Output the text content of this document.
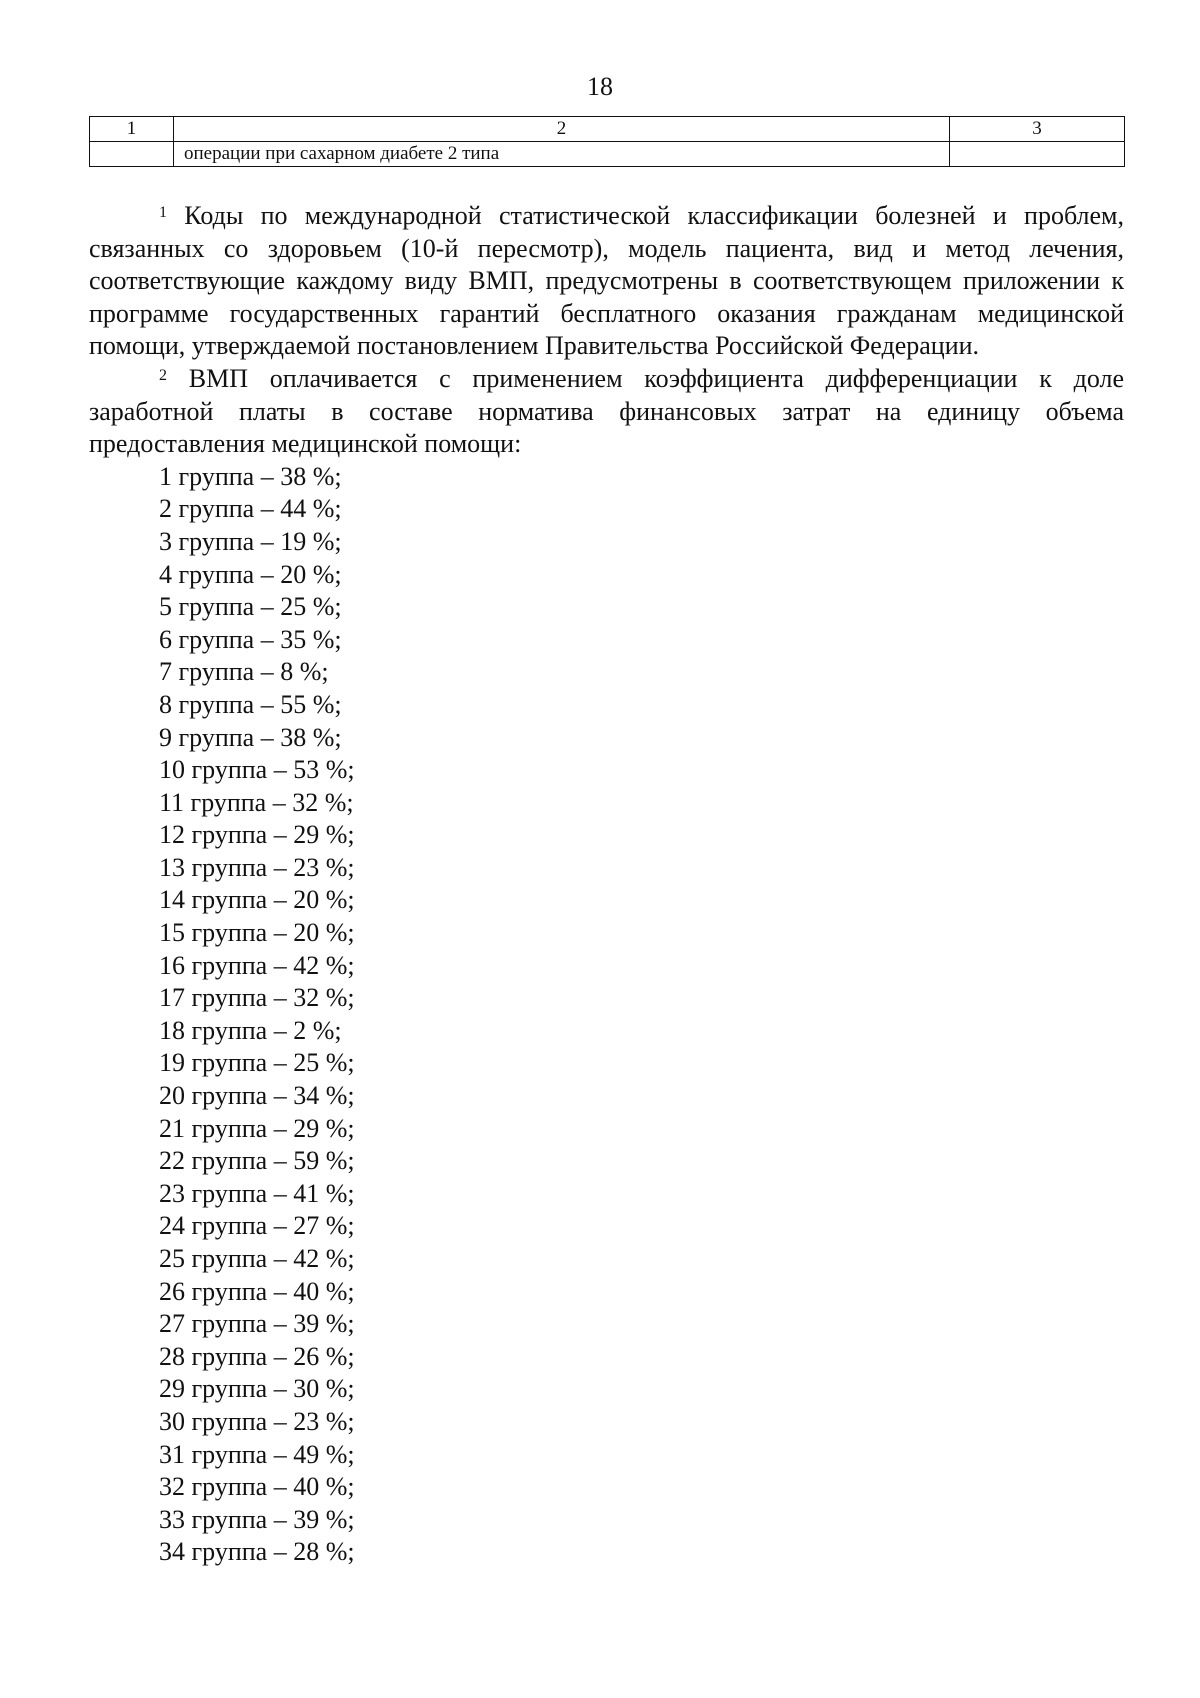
18
1	2	3
	операции при сахарном диабете 2 типа	

$^1$ Коды по международной статистической классификации болезней и проблем, связанных со здоровьем (10-й пересмотр), модель пациента, вид и метод лечения, соответствующие каждому виду ВМП, предусмотрены в соответствующем приложении к программе государственных гарантий бесплатного оказания гражданам медицинской помощи, утверждаемой постановлением Правительства Российской Федерации.

$^2$ ВМП оплачивается с применением коэффициента дифференциации к доле заработной платы в составе норматива финансовых затрат на единицу объема предоставления медицинской помощи:

1 группа – 38 %;
2 группа – 44 %;
3 группа – 19 %;
4 группа – 20 %;
5 группа – 25 %;
6 группа – 35 %;
7 группа – 8 %;
8 группа – 55 %;
9 группа – 38 %;
10 группа – 53 %;
11 группа – 32 %;
12 группа – 29 %;
13 группа – 23 %;
14 группа – 20 %;
15 группа – 20 %;
16 группа – 42 %;
17 группа – 32 %;
18 группа – 2 %;
19 группа – 25 %;
20 группа – 34 %;
21 группа – 29 %;
22 группа – 59 %;
23 группа – 41 %;
24 группа – 27 %;
25 группа – 42 %;
26 группа – 40 %;
27 группа – 39 %;
28 группа – 26 %;
29 группа – 30 %;
30 группа – 23 %;
31 группа – 49 %;
32 группа – 40 %;
33 группа – 39 %;
34 группа – 28 %;
